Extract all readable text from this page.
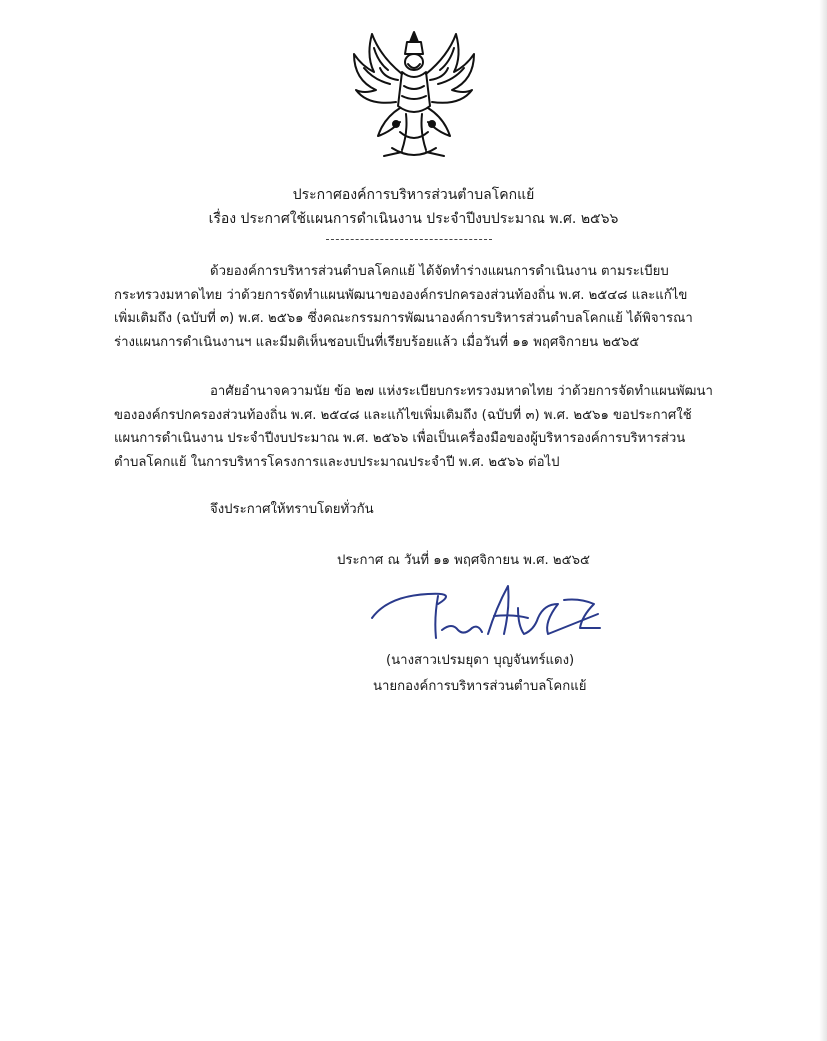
ประกาศองค์การบริหารส่วนตำบลโคกแย้
เรื่อง ประกาศใช้แผนการดำเนินงาน ประจำปีงบประมาณ พ.ศ. ๒๕๖๖
ด้วยองค์การบริหารส่วนตำบลโคกแย้ ได้จัดทำร่างแผนการดำเนินงาน ตามระเบียบ
กระทรวงมหาดไทย ว่าด้วยการจัดทำแผนพัฒนาขององค์กรปกครองส่วนท้องถิ่น พ.ศ. ๒๕๔๘ และแก้ไข
เพิ่มเติมถึง (ฉบับที่ ๓) พ.ศ. ๒๕๖๑ ซึ่งคณะกรรมการพัฒนาองค์การบริหารส่วนตำบลโคกแย้ ได้พิจารณา
ร่างแผนการดำเนินงานฯ และมีมติเห็นชอบเป็นที่เรียบร้อยแล้ว เมื่อวันที่ ๑๑ พฤศจิกายน ๒๕๖๕
อาศัยอำนาจความนัย ข้อ ๒๗ แห่งระเบียบกระทรวงมหาดไทย ว่าด้วยการจัดทำแผนพัฒนา
ขององค์กรปกครองส่วนท้องถิ่น พ.ศ. ๒๕๔๘ และแก้ไขเพิ่มเติมถึง (ฉบับที่ ๓) พ.ศ. ๒๕๖๑ ขอประกาศใช้
แผนการดำเนินงาน ประจำปีงบประมาณ พ.ศ. ๒๕๖๖ เพื่อเป็นเครื่องมือของผู้บริหารองค์การบริหารส่วน
ตำบลโคกแย้ ในการบริหารโครงการและงบประมาณประจำปี พ.ศ. ๒๕๖๖ ต่อไป
จึงประกาศให้ทราบโดยทั่วกัน
ประกาศ ณ วันที่ ๑๑ พฤศจิกายน พ.ศ. ๒๕๖๕
(นางสาวเปรมยุดา บุญจันทร์แดง)
นายกองค์การบริหารส่วนตำบลโคกแย้
